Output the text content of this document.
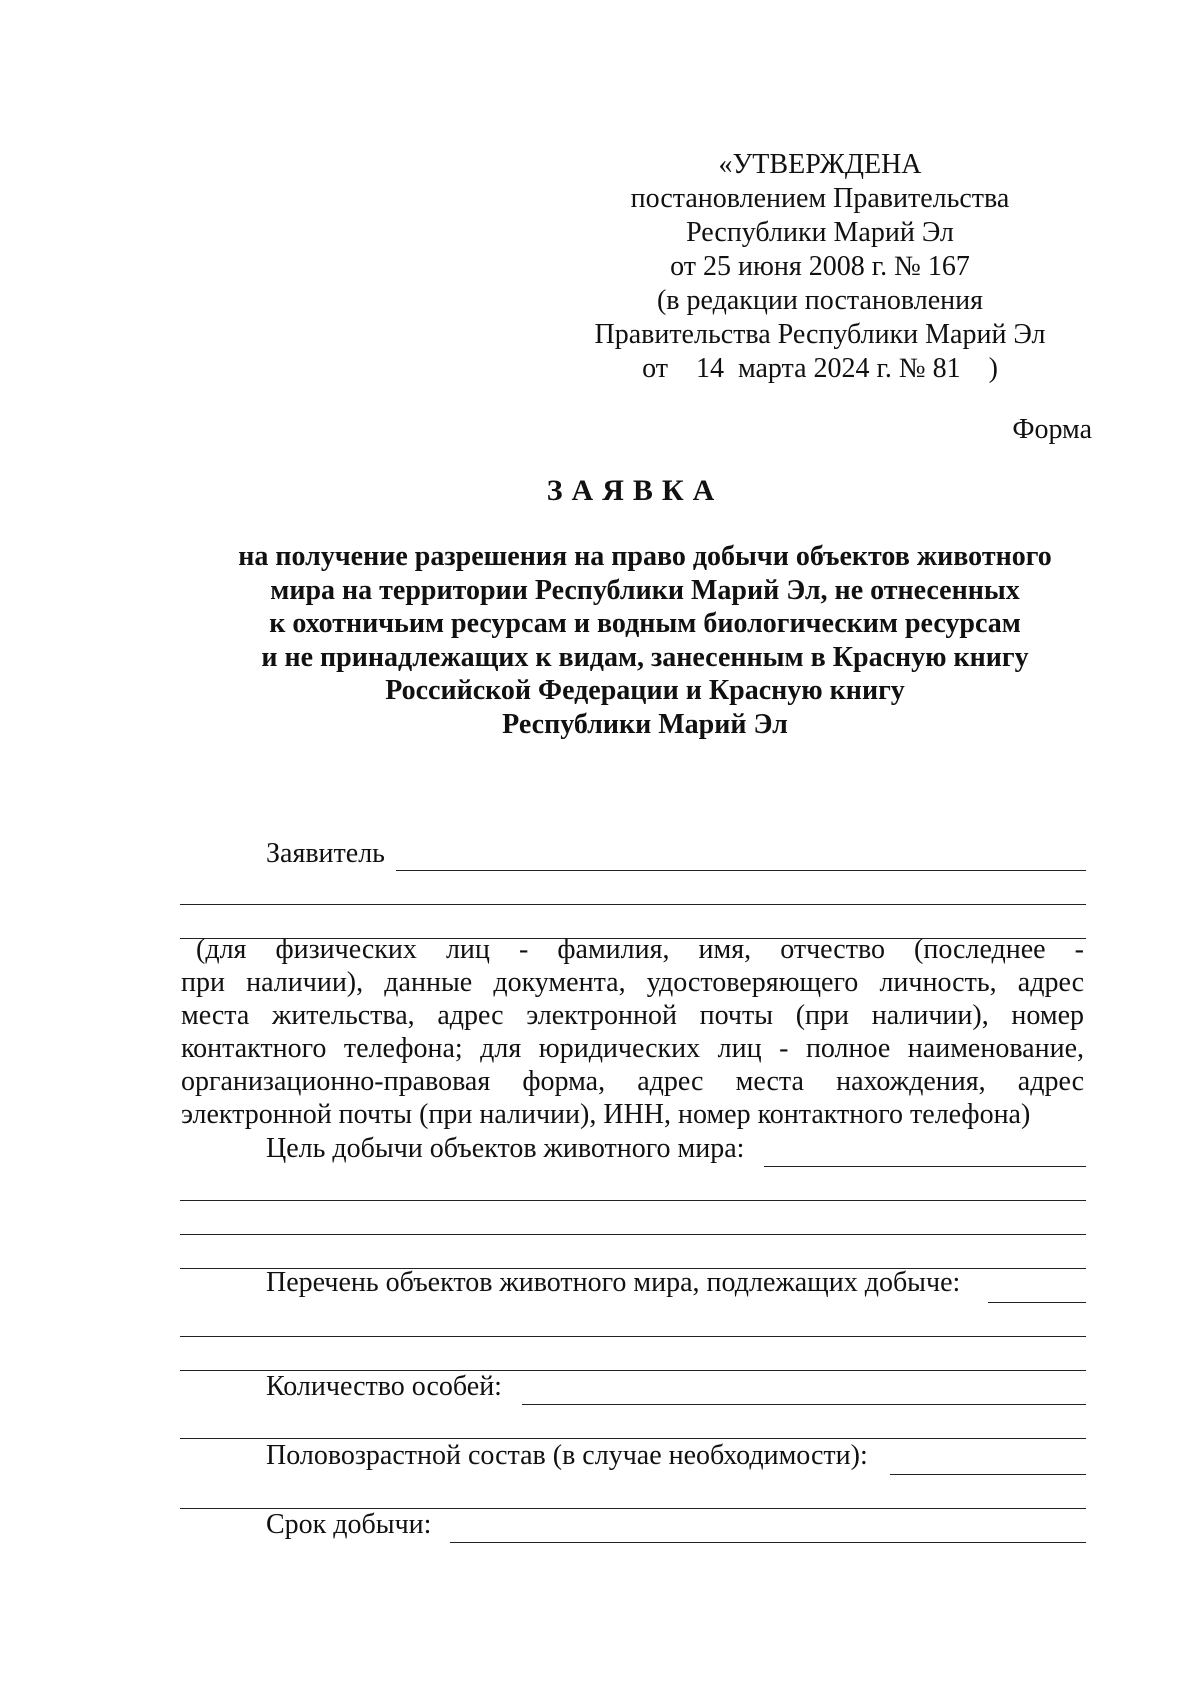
«УТВЕРЖДЕНА
постановлением Правительства
Республики Марий Эл
от 25 июня 2008 г. № 167
(в редакции постановления
Правительства Республики Марий Эл
от    14  марта 2024 г. № 81    )
Форма
ЗАЯВКА
на получение разрешения на право добычи объектов животного
мира на территории Республики Марий Эл, не отнесенных
к охотничьим ресурсам и водным биологическим ресурсам
и не принадлежащих к видам, занесенным в Красную книгу
Российской Федерации и Красную книгу
Республики Марий Эл
Заявитель
(для физических лиц - фамилия, имя, отчество (последнее -
при наличии), данные документа, удостоверяющего личность, адрес
места жительства, адрес электронной почты (при наличии), номер
контактного телефона; для юридических лиц - полное наименование,
организационно-правовая форма, адрес места нахождения, адрес
электронной почты (при наличии), ИНН, номер контактного телефона)
Цель добычи объектов животного мира:
Перечень объектов животного мира, подлежащих добыче:
Количество особей:
Половозрастной состав (в случае необходимости):
Срок добычи:
